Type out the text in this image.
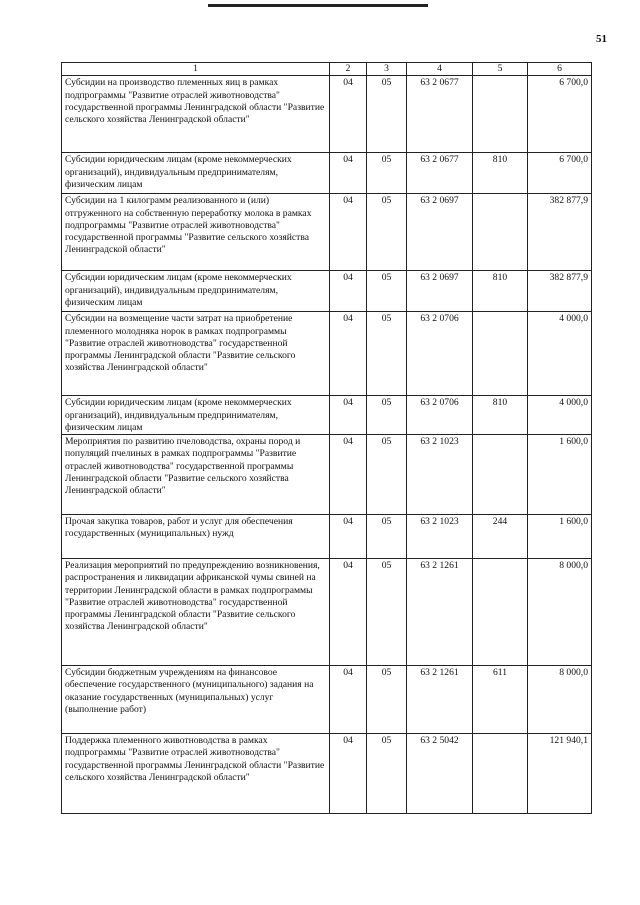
51
1	2	3	4	5	6
Субсидии на производство племенных яиц в рамках подпрограммы "Развитие отраслей животноводства" государственной программы Ленинградской области "Развитие сельского хозяйства Ленинградской области"	04	05	63 2 0677		6 700,0
Субсидии юридическим лицам (кроме некоммерческих организаций), индивидуальным предпринимателям, физическим лицам	04	05	63 2 0677	810	6 700,0
Субсидии на 1 килограмм реализованного и (или) отгруженного на собственную переработку молока в рамках подпрограммы "Развитие отраслей животноводства" государственной программы "Развитие сельского хозяйства Ленинградской области"	04	05	63 2 0697		382 877,9
Субсидии юридическим лицам (кроме некоммерческих организаций), индивидуальным предпринимателям, физическим лицам	04	05	63 2 0697	810	382 877,9
Субсидии на возмещение части затрат на приобретение племенного молодняка норок в рамках подпрограммы "Развитие отраслей животноводства" государственной программы Ленинградской области "Развитие сельского хозяйства Ленинградской области"	04	05	63 2 0706		4 000,0
Субсидии юридическим лицам (кроме некоммерческих организаций), индивидуальным предпринимателям, физическим лицам	04	05	63 2 0706	810	4 000,0
Мероприятия по развитию пчеловодства, охраны пород и популяций пчелиных в рамках подпрограммы "Развитие отраслей животноводства" государственной программы Ленинградской области "Развитие сельского хозяйства Ленинградской области"	04	05	63 2 1023		1 600,0
Прочая закупка товаров, работ и услуг для обеспечения государственных (муниципальных) нужд	04	05	63 2 1023	244	1 600,0
Реализация мероприятий по предупреждению возникновения, распространения и ликвидации африканской чумы свиней на территории Ленинградской области в рамках подпрограммы "Развитие отраслей животноводства" государственной программы Ленинградской области "Развитие сельского хозяйства Ленинградской области"	04	05	63 2 1261		8 000,0
Субсидии бюджетным учреждениям на финансовое обеспечение государственного (муниципального) задания на оказание государственных (муниципальных) услуг (выполнение работ)	04	05	63 2 1261	611	8 000,0
Поддержка племенного животноводства в рамках подпрограммы "Развитие отраслей животноводства" государственной программы Ленинградской области "Развитие сельского хозяйства Ленинградской области"	04	05	63 2 5042		121 940,1
